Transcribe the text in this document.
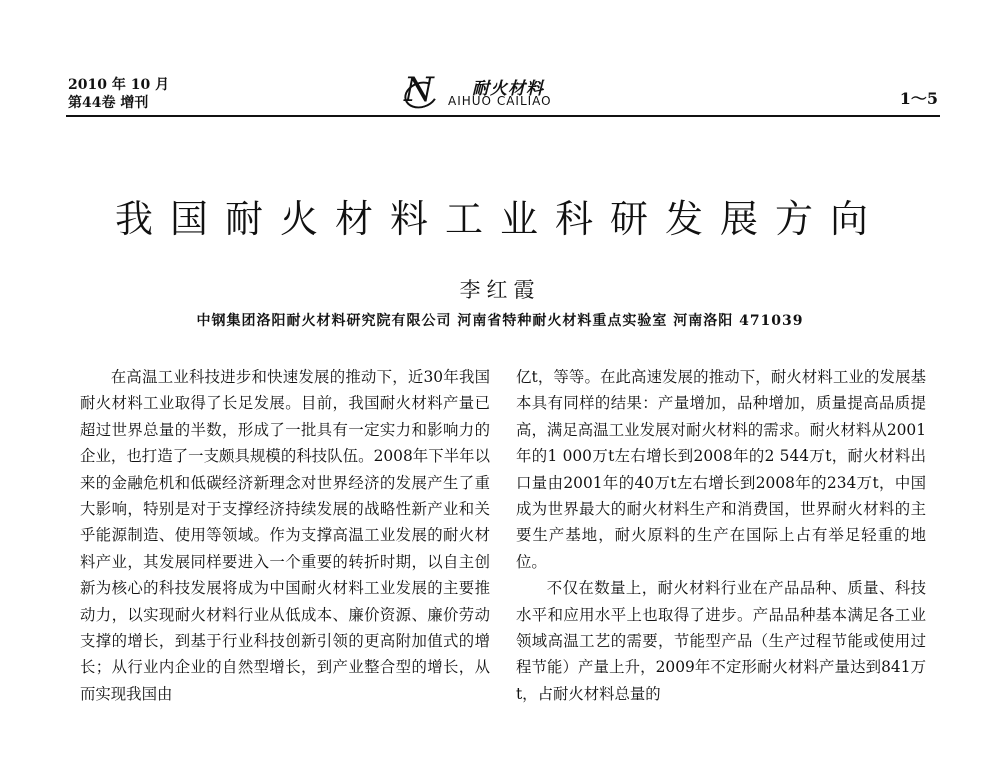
2010 年 10 月
第44卷 增刊	N 耐火材料
AIHUO CAILIAO	1～5
我国耐火材料工业科研发展方向
李红霞
中钢集团洛阳耐火材料研究院有限公司 河南省特种耐火材料重点实验室 河南洛阳 471039

在高温工业科技进步和快速发展的推动下，近30年我国耐火材料工业取得了长足发展。目前，我国耐火材料产量已超过世界总量的半数，形成了一批具有一定实力和影响力的企业，也打造了一支颇具规模的科技队伍。2008年下半年以来的金融危机和低碳经济新理念对世界经济的发展产生了重大影响，特别是对于支撑经济持续发展的战略性新产业和关乎能源制造、使用等领域。作为支撑高温工业发展的耐火材料产业，其发展同样要进入一个重要的转折时期，以自主创新为核心的科技发展将成为中国耐火材料工业发展的主要推动力，以实现耐火材料行业从低成本、廉价资源、廉价劳动支撑的增长，到基于行业科技创新引领的更高附加值式的增长；从行业内企业的自然型增长，到产业整合型的增长，从而实现我国由

亿t，等等。在此高速发展的推动下，耐火材料工业的发展基本具有同样的结果：产量增加，品种增加，质量提高品质提高，满足高温工业发展对耐火材料的需求。耐火材料从2001年的1 000万t左右增长到2008年的2 544万t，耐火材料出口量由2001年的40万t左右增长到2008年的234万t，中国成为世界最大的耐火材料生产和消费国，世界耐火材料的主要生产基地，耐火原料的生产在国际上占有举足轻重的地位。

不仅在数量上，耐火材料行业在产品品种、质量、科技水平和应用水平上也取得了进步。产品品种基本满足各工业领域高温工艺的需要，节能型产品（生产过程节能或使用过程节能）产量上升，2009年不定形耐火材料产量达到841万t，占耐火材料总量的
